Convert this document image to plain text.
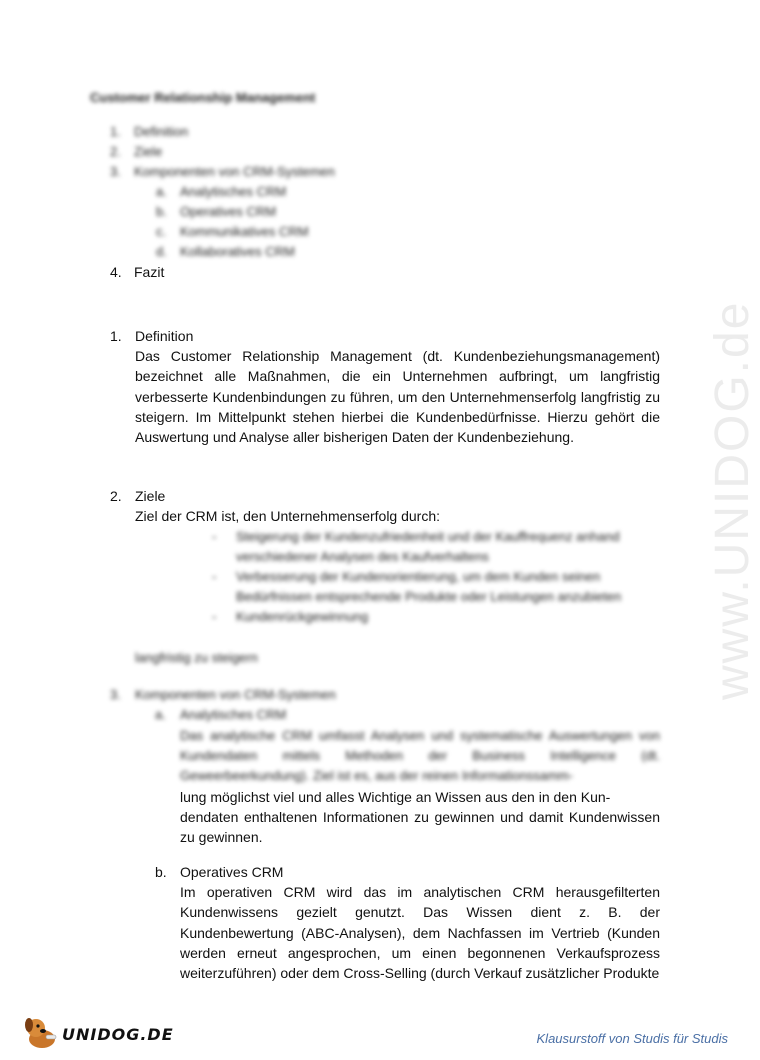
www.UNIDOG.de
Customer Relationship Management
1. Definition
2. Ziele
3. Komponenten von CRM-Systemen
a. Analytisches CRM
b. Operatives CRM
c. Kommunikatives CRM
d. Kollaboratives CRM
4. Fazit
1. Definition
Das Customer Relationship Management (dt. Kundenbeziehungsmanagement) bezeichnet alle Maßnahmen, die ein Unternehmen aufbringt, um langfristig verbesserte Kundenbindungen zu führen, um den Unternehmenserfolg langfristig zu steigern. Im Mittelpunkt stehen hierbei die Kundenbedürfnisse. Hierzu gehört die Auswertung und Analyse aller bisherigen Daten der Kundenbeziehung.
2. Ziele
Ziel der CRM ist, den Unternehmenserfolg durch:
- Steigerung der Kundenzufriedenheit und der Kauffrequenz anhand verschiedener Analysen des Kaufverhaltens
- Verbesserung der Kundenorientierung, um dem Kunden seinen Bedürfnissen entsprechende Produkte oder Leistungen anzubieten
- Kundenrückgewinnung
langfristig zu steigern
3. Komponenten von CRM-Systemen
a. Analytisches CRM
Das analytische CRM umfasst Analysen und systematische Auswertungen von Kundendaten mittels Methoden der Business Intelligence (dt. Geweerbeerkundung). Ziel ist es, aus der reinen Informationssamm-
lung möglichst viel und alles Wichtige an Wissen aus den in den Kun-
dendaten enthaltenen Informationen zu gewinnen und damit Kundenwissen zu gewinnen.
b. Operatives CRM
Im operativen CRM wird das im analytischen CRM herausgefilterten Kundenwissens gezielt genutzt. Das Wissen dient z. B. der Kundenbewertung (ABC-Analysen), dem Nachfassen im Vertrieb (Kunden werden erneut angesprochen, um einen begonnenen Verkaufsprozess weiterzuführen) oder dem Cross-Selling (durch Verkauf zusätzlicher Produkte
UNIDOG.DE	Klausurstoff von Studis für Studis
